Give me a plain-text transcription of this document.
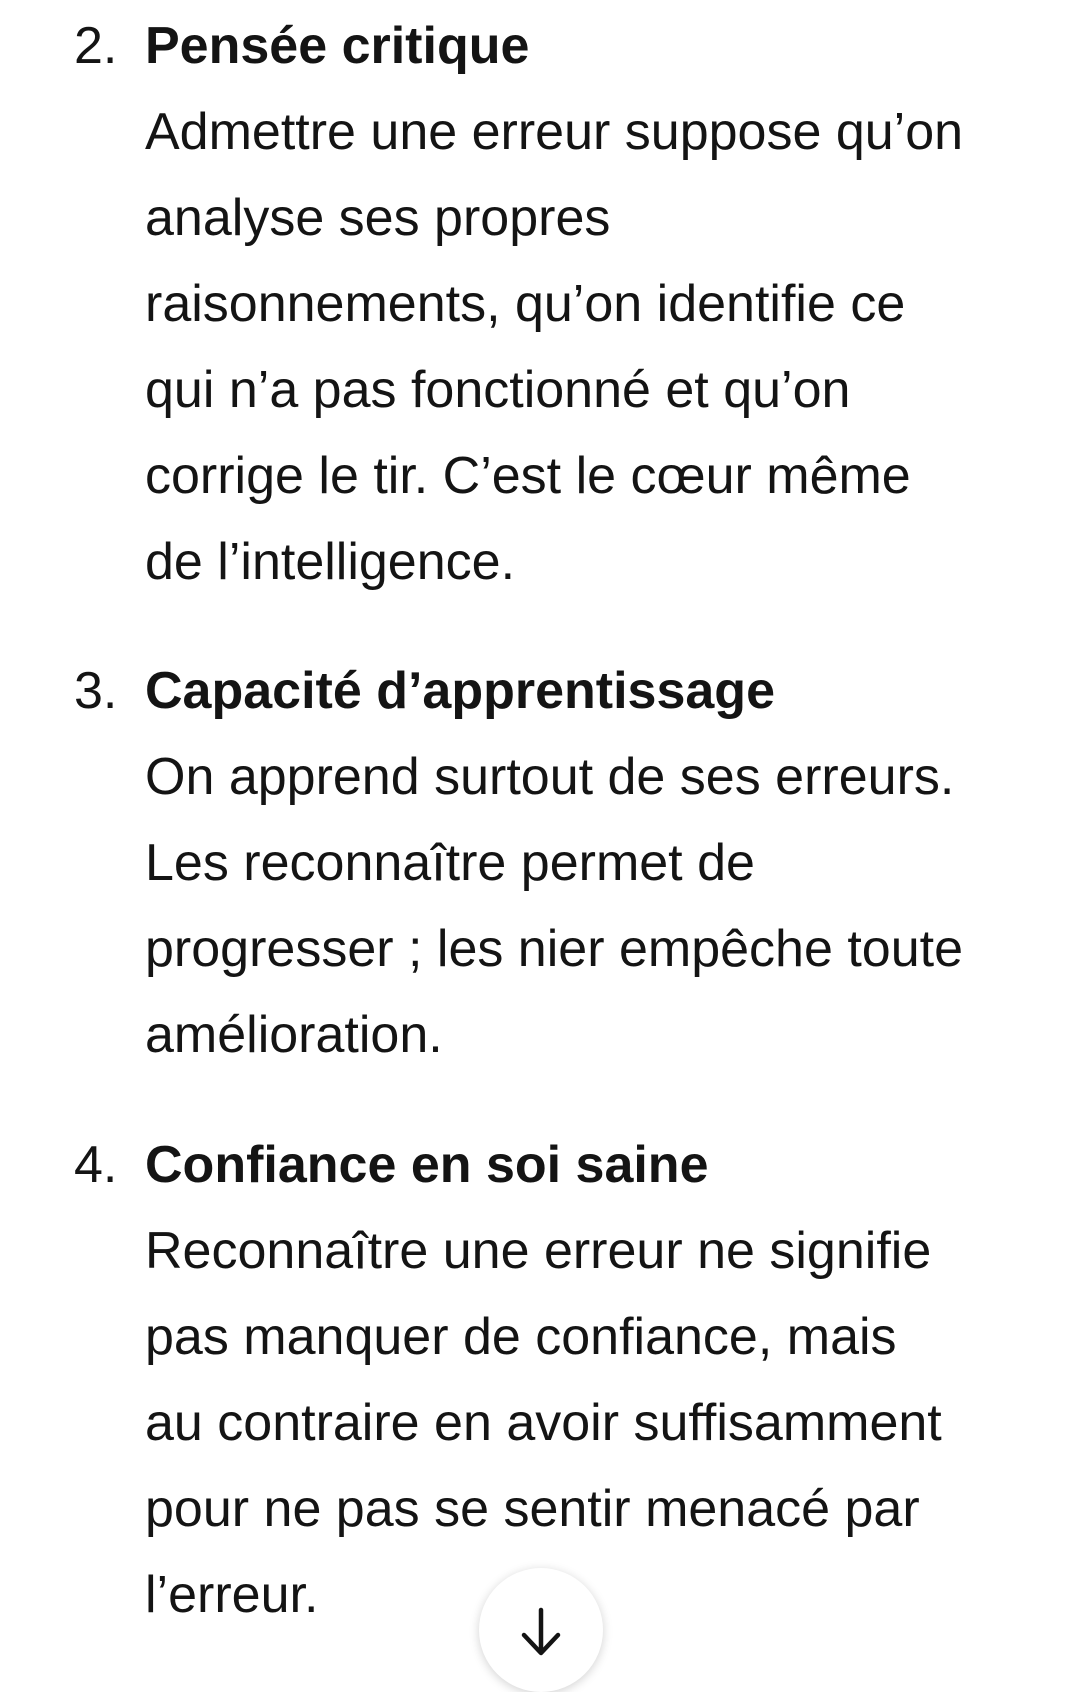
2. Pensée critique
Admettre une erreur suppose qu’on
analyse ses propres
raisonnements, qu’on identifie ce
qui n’a pas fonctionné et qu’on
corrige le tir. C’est le cœur même
de l’intelligence.
3. Capacité d’apprentissage
On apprend surtout de ses erreurs.
Les reconnaître permet de
progresser ; les nier empêche toute
amélioration.
4. Confiance en soi saine
Reconnaître une erreur ne signifie
pas manquer de confiance, mais
au contraire en avoir suffisamment
pour ne pas se sentir menacé par
l’erreur.
